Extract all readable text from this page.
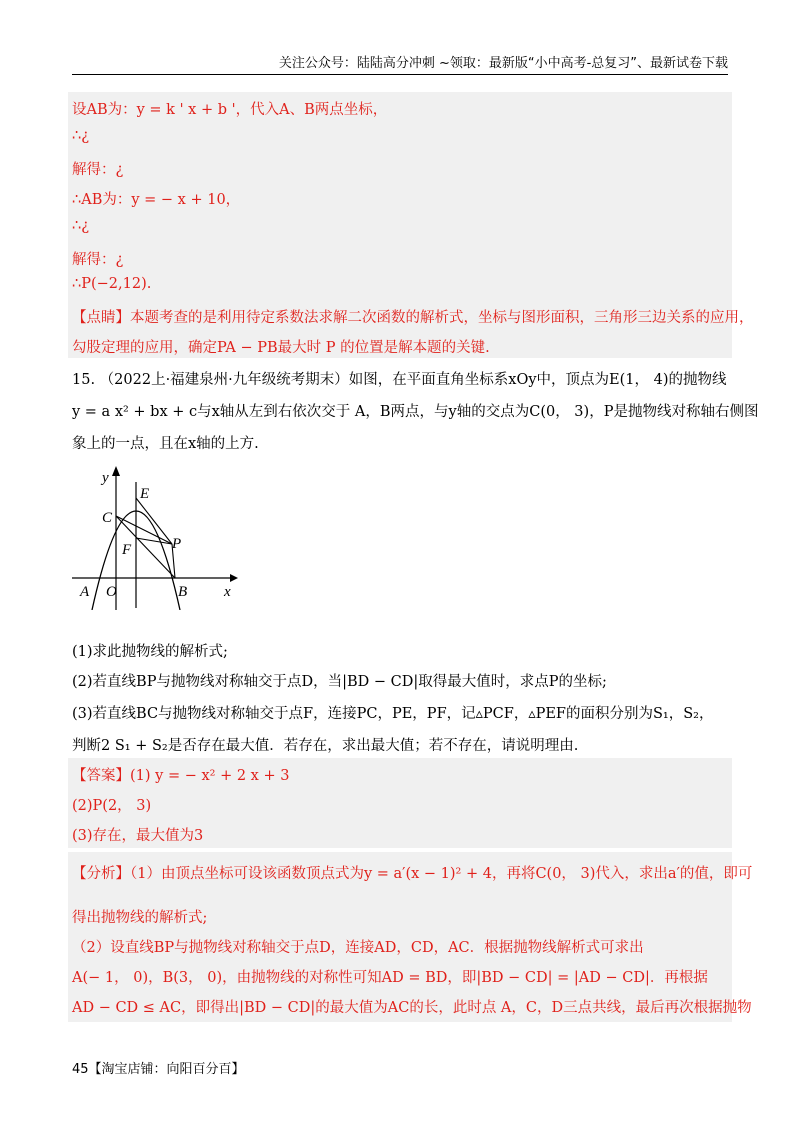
关注公众号：陆陆高分冲刺 ~领取：最新版“小中高考-总复习”、最新试卷下载
设AB为：y = k ' x + b '，代入A、B两点坐标，
∴¿
解得：¿
∴AB为：y = − x + 10，
∴¿
解得：¿
∴P(−2,12).
【点睛】本题考查的是利用待定系数法求解二次函数的解析式，坐标与图形面积，三角形三边关系的应用，
勾股定理的应用，确定PA − PB最大时 P 的位置是解本题的关键.
15. （2022上·福建泉州·九年级统考期末）如图，在平面直角坐标系xOy中，顶点为E(1， 4)的抛物线
y = a x² + bx + c与x轴从左到右依次交于 A，B两点，与y轴的交点为C(0， 3)，P是抛物线对称轴右侧图
象上的一点，且在x轴的上方.
y
x
E
C
F	P
A O	B
(1)求此抛物线的解析式;
(2)若直线BP与抛物线对称轴交于点D，当|BD − CD|取得最大值时，求点P的坐标;
(3)若直线BC与抛物线对称轴交于点F，连接PC，PE，PF，记▵PCF，▵PEF的面积分别为S₁，S₂，
判断2 S₁ + S₂是否存在最大值．若存在，求出最大值；若不存在，请说明理由.
【答案】(1) y = − x² + 2 x + 3
(2)P(2， 3)
(3)存在，最大值为3
【分析】（1）由顶点坐标可设该函数顶点式为y = a′(x − 1)² + 4，再将C(0， 3)代入，求出a′的值，即可
得出抛物线的解析式;
（2）设直线BP与抛物线对称轴交于点D，连接AD，CD，AC．根据抛物线解析式可求出
A(− 1， 0)，B(3， 0)，由抛物线的对称性可知AD = BD，即|BD − CD| = |AD − CD|．再根据
AD − CD ≤ AC，即得出|BD − CD|的最大值为AC的长，此时点 A，C，D三点共线，最后再次根据抛物
45【淘宝店铺：向阳百分百】
